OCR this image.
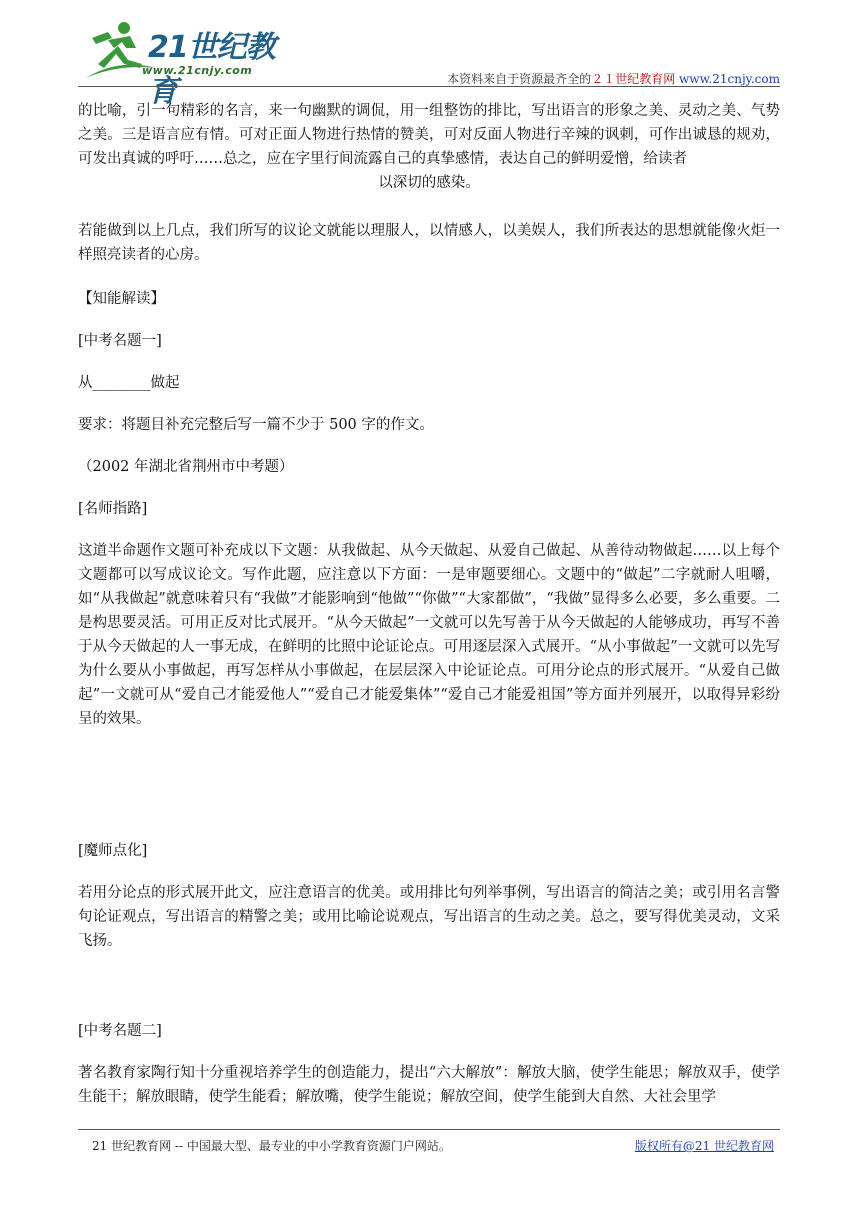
21世纪教育
www.21cnjy.com
本资料来自于资源最齐全的２１世纪教育网 www.21cnjy.com

的比喻，引一句精彩的名言，来一句幽默的调侃，用一组整饬的排比，写出语言的形象之美、灵动之美、气势之美。三是语言应有情。可对正面人物进行热情的赞美，可对反面人物进行辛辣的讽刺，可作出诚恳的规劝，可发出真诚的呼吁……总之，应在字里行间流露自己的真挚感情，表达自己的鲜明爱憎，给读者

以深切的感染。

若能做到以上几点，我们所写的议论文就能以理服人，以情感人，以美娱人，我们所表达的思想就能像火炬一样照亮读者的心房。

【知能解读】

[中考名题一]

从________做起

要求：将题目补充完整后写一篇不少于 500 字的作文。

（2002 年湖北省荆州市中考题）

[名师指路]

这道半命题作文题可补充成以下文题：从我做起、从今天做起、从爱自己做起、从善待动物做起……以上每个文题都可以写成议论文。写作此题，应注意以下方面：一是审题要细心。文题中的“做起”二字就耐人咀嚼，如“从我做起”就意味着只有“我做”才能影响到“他做”“你做”“大家都做”，“我做”显得多么必要，多么重要。二是构思要灵活。可用正反对比式展开。“从今天做起”一文就可以先写善于从今天做起的人能够成功，再写不善于从今天做起的人一事无成，在鲜明的比照中论证论点。可用逐层深入式展开。“从小事做起”一文就可以先写为什么要从小事做起，再写怎样从小事做起，在层层深入中论证论点。可用分论点的形式展开。“从爱自己做起”一文就可从“爱自己才能爱他人”“爱自己才能爱集体”“爱自己才能爱祖国”等方面并列展开，以取得异彩纷呈的效果。

[魔师点化]

若用分论点的形式展开此文，应注意语言的优美。或用排比句列举事例，写出语言的简洁之美；或引用名言警句论证观点，写出语言的精警之美；或用比喻论说观点，写出语言的生动之美。总之，要写得优美灵动，文采飞扬。

[中考名题二]

著名教育家陶行知十分重视培养学生的创造能力，提出“六大解放”：解放大脑，使学生能思；解放双手，使学生能干；解放眼睛，使学生能看；解放嘴，使学生能说；解放空间，使学生能到大自然、大社会里学

21 世纪教育网 -- 中国最大型、最专业的中小学教育资源门户网站。	版权所有@21 世纪教育网
